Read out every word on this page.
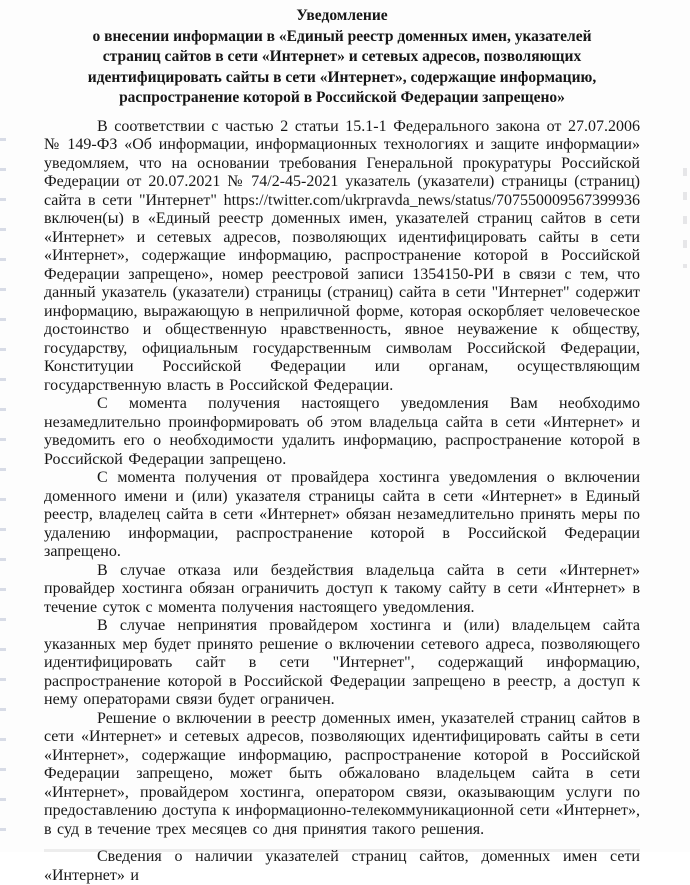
Уведомление
о внесении информации в «Единый реестр доменных имен, указателей
страниц сайтов в сети «Интернет» и сетевых адресов, позволяющих
идентифицировать сайты в сети «Интернет», содержащие информацию,
распространение которой в Российской Федерации запрещено»

В соответствии с частью 2 статьи 15.1-1 Федерального закона от 27.07.2006 № 149-ФЗ «Об информации, информационных технологиях и защите информации» уведомляем, что на основании требования Генеральной прокуратуры Российской Федерации от 20.07.2021 № 74/2-45-2021 указатель (указатели) страницы (страниц) сайта в сети "Интернет" https://twitter.com/ukrpravda_news/status/707550009567399936 включен(ы) в «Единый реестр доменных имен, указателей страниц сайтов в сети «Интернет» и сетевых адресов, позволяющих идентифицировать сайты в сети «Интернет», содержащие информацию, распространение которой в Российской Федерации запрещено», номер реестровой записи 1354150-РИ в связи с тем, что данный указатель (указатели) страницы (страниц) сайта в сети "Интернет" содержит информацию, выражающую в неприличной форме, которая оскорбляет человеческое достоинство и общественную нравственность, явное неуважение к обществу, государству, официальным государственным символам Российской Федерации, Конституции Российской Федерации или органам, осуществляющим государственную власть в Российской Федерации.

С момента получения настоящего уведомления Вам необходимо незамедлительно проинформировать об этом владельца сайта в сети «Интернет» и уведомить его о необходимости удалить информацию, распространение которой в Российской Федерации запрещено.

С момента получения от провайдера хостинга уведомления о включении доменного имени и (или) указателя страницы сайта в сети «Интернет» в Единый реестр, владелец сайта в сети «Интернет» обязан незамедлительно принять меры по удалению информации, распространение которой в Российской Федерации запрещено.

В случае отказа или бездействия владельца сайта в сети «Интернет» провайдер хостинга обязан ограничить доступ к такому сайту в сети «Интернет» в течение суток с момента получения настоящего уведомления.

В случае непринятия провайдером хостинга и (или) владельцем сайта указанных мер будет принято решение о включении сетевого адреса, позволяющего идентифицировать сайт в сети "Интернет", содержащий информацию, распространение которой в Российской Федерации запрещено в реестр, а доступ к нему операторами связи будет ограничен.

Решение о включении в реестр доменных имен, указателей страниц сайтов в сети «Интернет» и сетевых адресов, позволяющих идентифицировать сайты в сети «Интернет», содержащие информацию, распространение которой в Российской Федерации запрещено, может быть обжаловано владельцем сайта в сети «Интернет», провайдером хостинга, оператором связи, оказывающим услуги по предоставлению доступа к информационно-телекоммуникационной сети «Интернет», в суд в течение трех месяцев со дня принятия такого решения.

Сведения о наличии указателей страниц сайтов, доменных имен сети «Интернет» и
